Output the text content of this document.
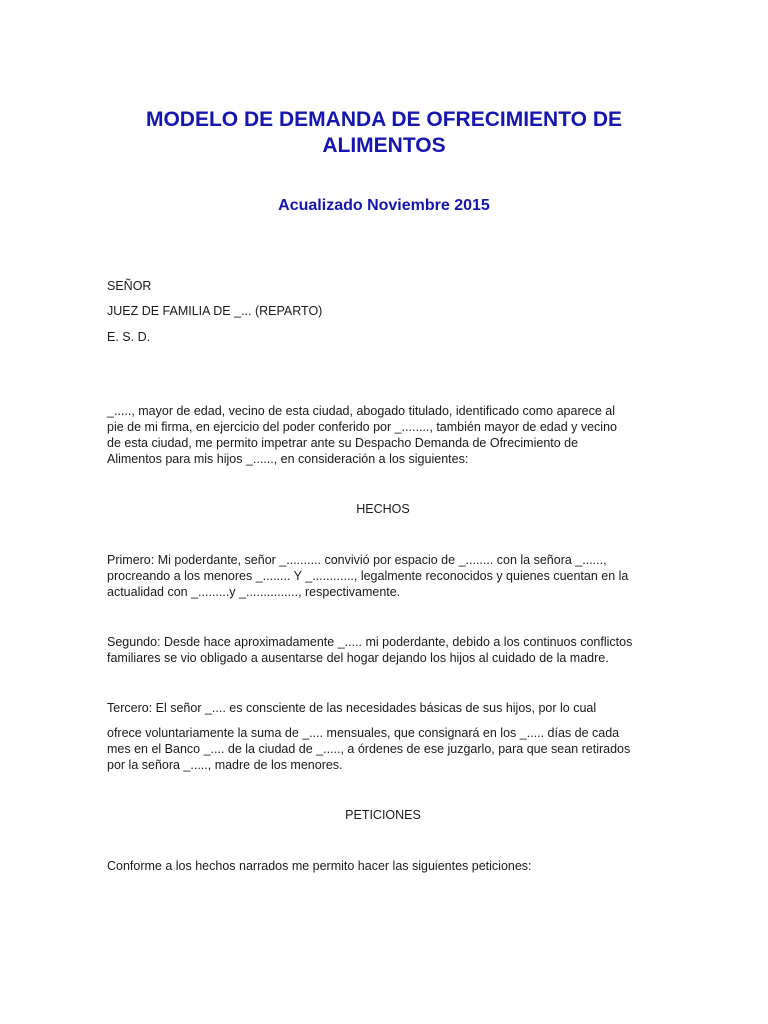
MODELO DE DEMANDA DE OFRECIMIENTO DE
ALIMENTOS
Acualizado Noviembre 2015

SEÑOR

JUEZ DE FAMILIA DE _... (REPARTO)

E. S. D.

_....., mayor de edad, vecino de esta ciudad, abogado titulado, identificado como aparece al
pie de mi firma, en ejercicio del poder conferido por _........, también mayor de edad y vecino
de esta ciudad, me permito impetrar ante su Despacho Demanda de Ofrecimiento de
Alimentos para mis hijos _......, en consideración a los siguientes:

HECHOS

Primero: Mi poderdante, señor _.......... convivió por espacio de _........ con la señora _......,
procreando a los menores _........ Y _............, legalmente reconocidos y quienes cuentan en la
actualidad con _.........y _..............., respectivamente.
Segundo: Desde hace aproximadamente _..... mi poderdante, debido a los continuos conflictos
familiares se vio obligado a ausentarse del hogar dejando los hijos al cuidado de la madre.

Tercero: El señor _.... es consciente de las necesidades básicas de sus hijos, por lo cual

ofrece voluntariamente la suma de _.... mensuales, que consignará en los _..... días de cada
mes en el Banco _.... de la ciudad de _....., a órdenes de ese juzgarlo, para que sean retirados
por la señora _....., madre de los menores.

PETICIONES

Conforme a los hechos narrados me permito hacer las siguientes peticiones:
